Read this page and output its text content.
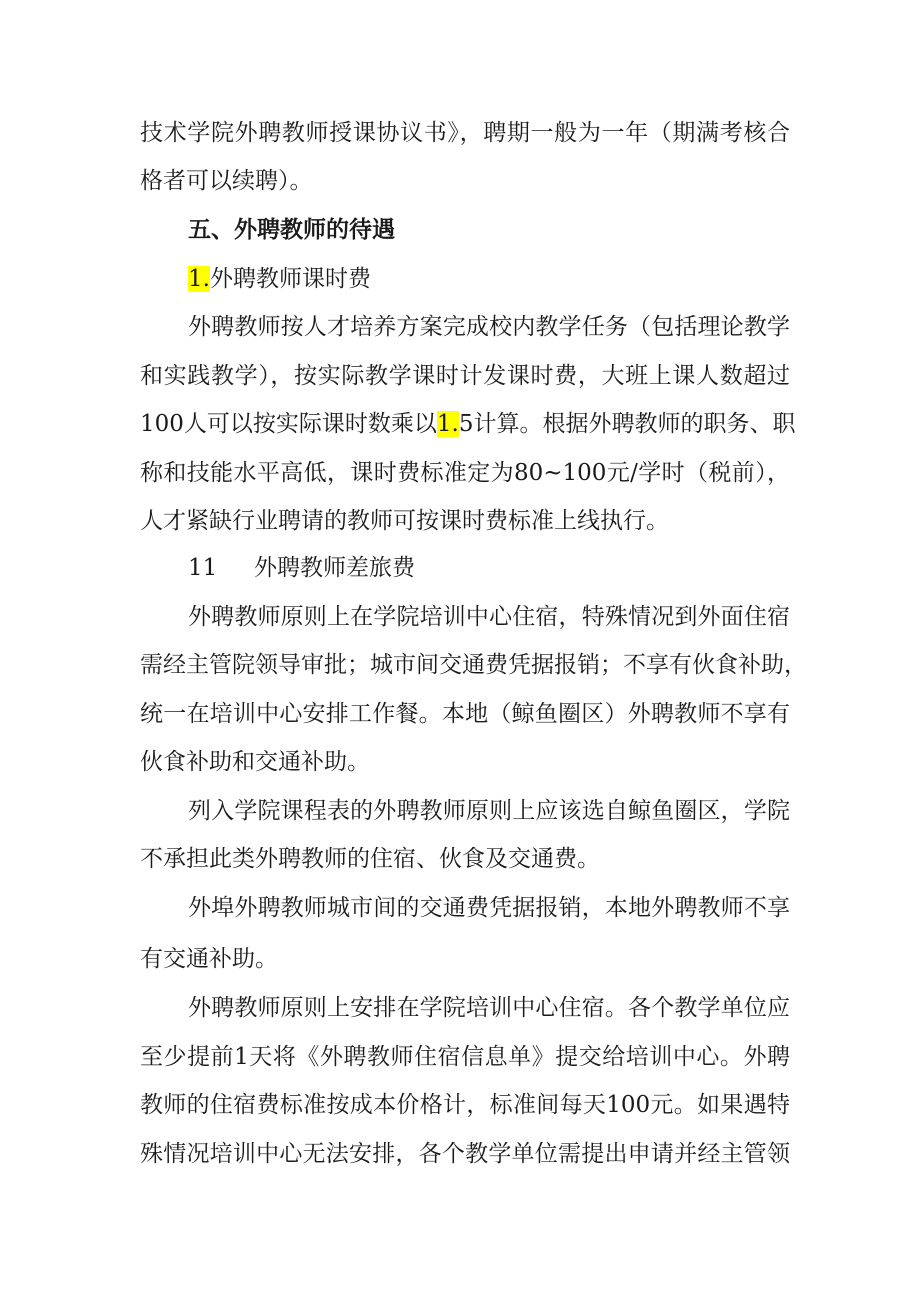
技术学院外聘教师授课协议书》，聘期一般为一年（期满考核合
格者可以续聘）。
五、外聘教师的待遇
1.外聘教师课时费
外聘教师按人才培养方案完成校内教学任务（包括理论教学
和实践教学），按实际教学课时计发课时费，大班上课人数超过
100人可以按实际课时数乘以1.5计算。根据外聘教师的职务、职
称和技能水平高低，课时费标准定为80~100元/学时（税前），
人才紧缺行业聘请的教师可按课时费标准上线执行。
11 外聘教师差旅费
外聘教师原则上在学院培训中心住宿，特殊情况到外面住宿
需经主管院领导审批；城市间交通费凭据报销；不享有伙食补助，
统一在培训中心安排工作餐。本地（鲸鱼圈区）外聘教师不享有
伙食补助和交通补助。
列入学院课程表的外聘教师原则上应该选自鲸鱼圈区，学院
不承担此类外聘教师的住宿、伙食及交通费。
外埠外聘教师城市间的交通费凭据报销，本地外聘教师不享
有交通补助。
外聘教师原则上安排在学院培训中心住宿。各个教学单位应
至少提前1天将《外聘教师住宿信息单》提交给培训中心。外聘
教师的住宿费标准按成本价格计，标准间每天100元。如果遇特
殊情况培训中心无法安排，各个教学单位需提出申请并经主管领
